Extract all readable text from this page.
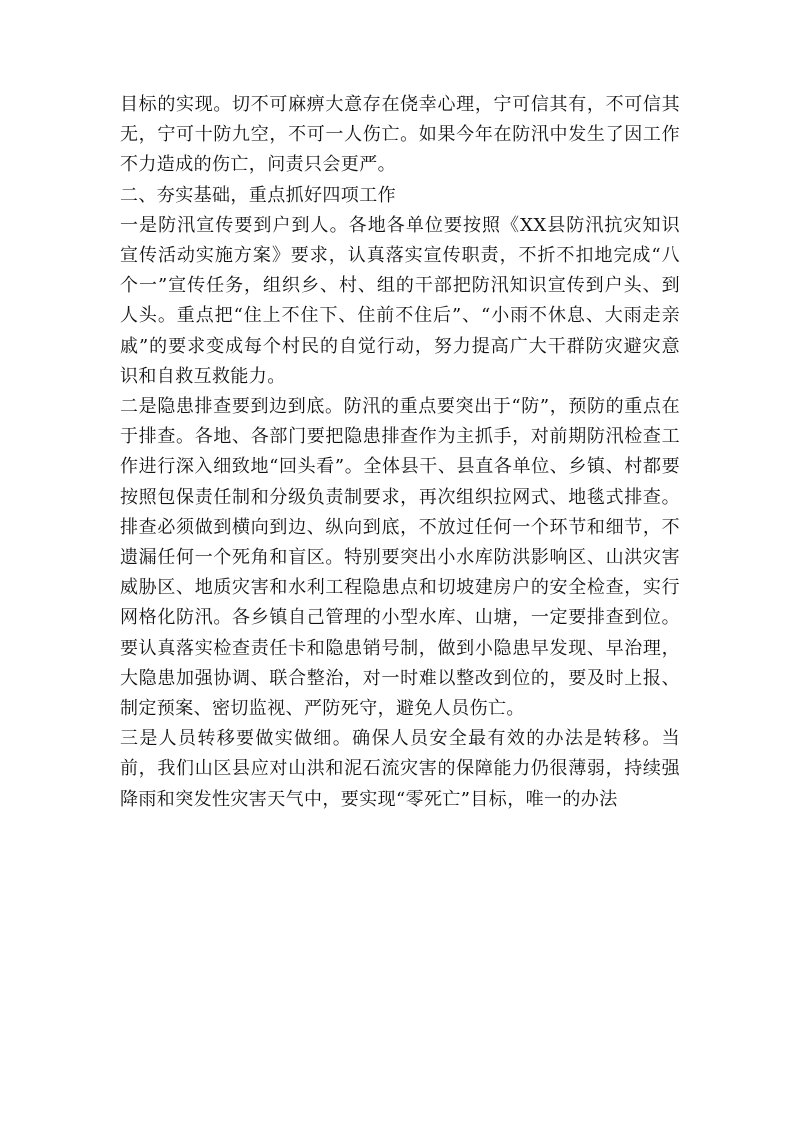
目标的实现。切不可麻痹大意存在侥幸心理，宁可信其有，不可信其无，宁可十防九空，不可一人伤亡。如果今年在防汛中发生了因工作不力造成的伤亡，问责只会更严。

二、夯实基础，重点抓好四项工作

一是防汛宣传要到户到人。各地各单位要按照《XX县防汛抗灾知识宣传活动实施方案》要求，认真落实宣传职责，不折不扣地完成“八个一”宣传任务，组织乡、村、组的干部把防汛知识宣传到户头、到人头。重点把“住上不住下、住前不住后”、“小雨不休息、大雨走亲戚”的要求变成每个村民的自觉行动，努力提高广大干群防灾避灾意识和自救互救能力。

二是隐患排查要到边到底。防汛的重点要突出于“防”，预防的重点在于排查。各地、各部门要把隐患排查作为主抓手，对前期防汛检查工作进行深入细致地“回头看”。全体县干、县直各单位、乡镇、村都要按照包保责任制和分级负责制要求，再次组织拉网式、地毯式排查。排查必须做到横向到边、纵向到底，不放过任何一个环节和细节，不遗漏任何一个死角和盲区。特别要突出小水库防洪影响区、山洪灾害威胁区、地质灾害和水利工程隐患点和切坡建房户的安全检查，实行网格化防汛。各乡镇自己管理的小型水库、山塘，一定要排查到位。要认真落实检查责任卡和隐患销号制，做到小隐患早发现、早治理，大隐患加强协调、联合整治，对一时难以整改到位的，要及时上报、制定预案、密切监视、严防死守，避免人员伤亡。

三是人员转移要做实做细。确保人员安全最有效的办法是转移。当前，我们山区县应对山洪和泥石流灾害的保障能力仍很薄弱，持续强降雨和突发性灾害天气中，要实现“零死亡”目标，唯一的办法
